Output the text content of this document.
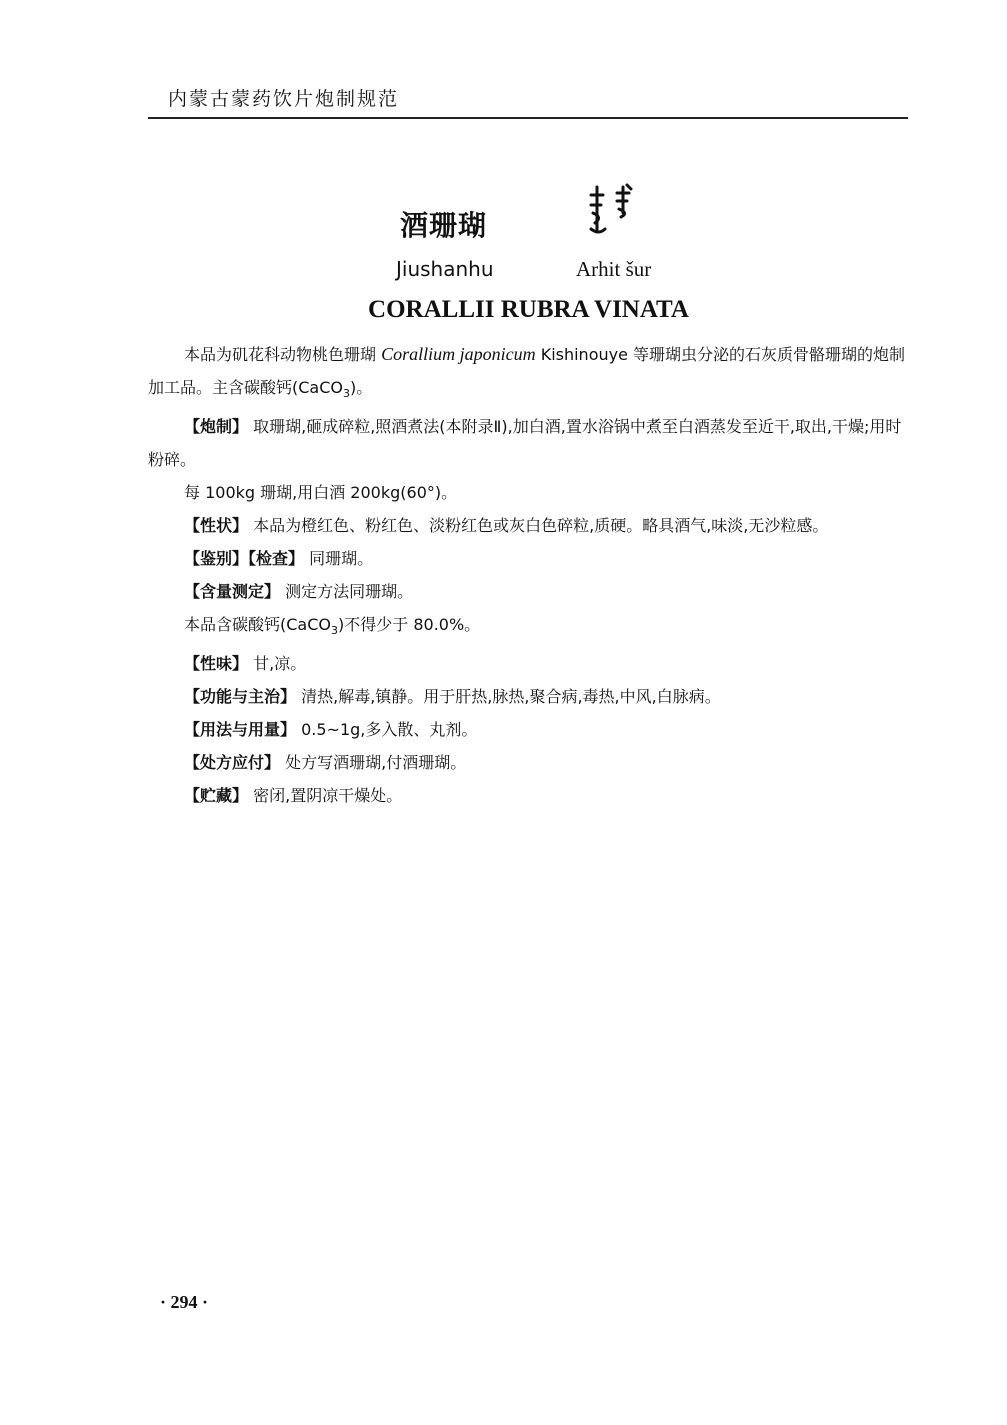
内蒙古蒙药饮片炮制规范
酒珊瑚
Jiushanhu	Arhit šur
CORALLII RUBRA VINATA

本品为矶花科动物桃色珊瑚 Corallium japonicum Kishinouye 等珊瑚虫分泌的石灰质骨骼珊瑚的炮制加工品。主含碳酸钙(CaCO$_3$)。

【炮制】 取珊瑚,砸成碎粒,照酒煮法(本附录Ⅱ),加白酒,置水浴锅中煮至白酒蒸发至近干,取出,干燥;用时粉碎。

每 100kg 珊瑚,用白酒 200kg(60°)。

【性状】 本品为橙红色、粉红色、淡粉红色或灰白色碎粒,质硬。略具酒气,味淡,无沙粒感。

【鉴别】【检查】 同珊瑚。

【含量测定】 测定方法同珊瑚。

本品含碳酸钙(CaCO$_3$)不得少于 80.0%。

【性味】 甘,凉。

【功能与主治】 清热,解毒,镇静。用于肝热,脉热,聚合病,毒热,中风,白脉病。

【用法与用量】 0.5~1g,多入散、丸剂。

【处方应付】 处方写酒珊瑚,付酒珊瑚。

【贮藏】 密闭,置阴凉干燥处。

· 294 ·
